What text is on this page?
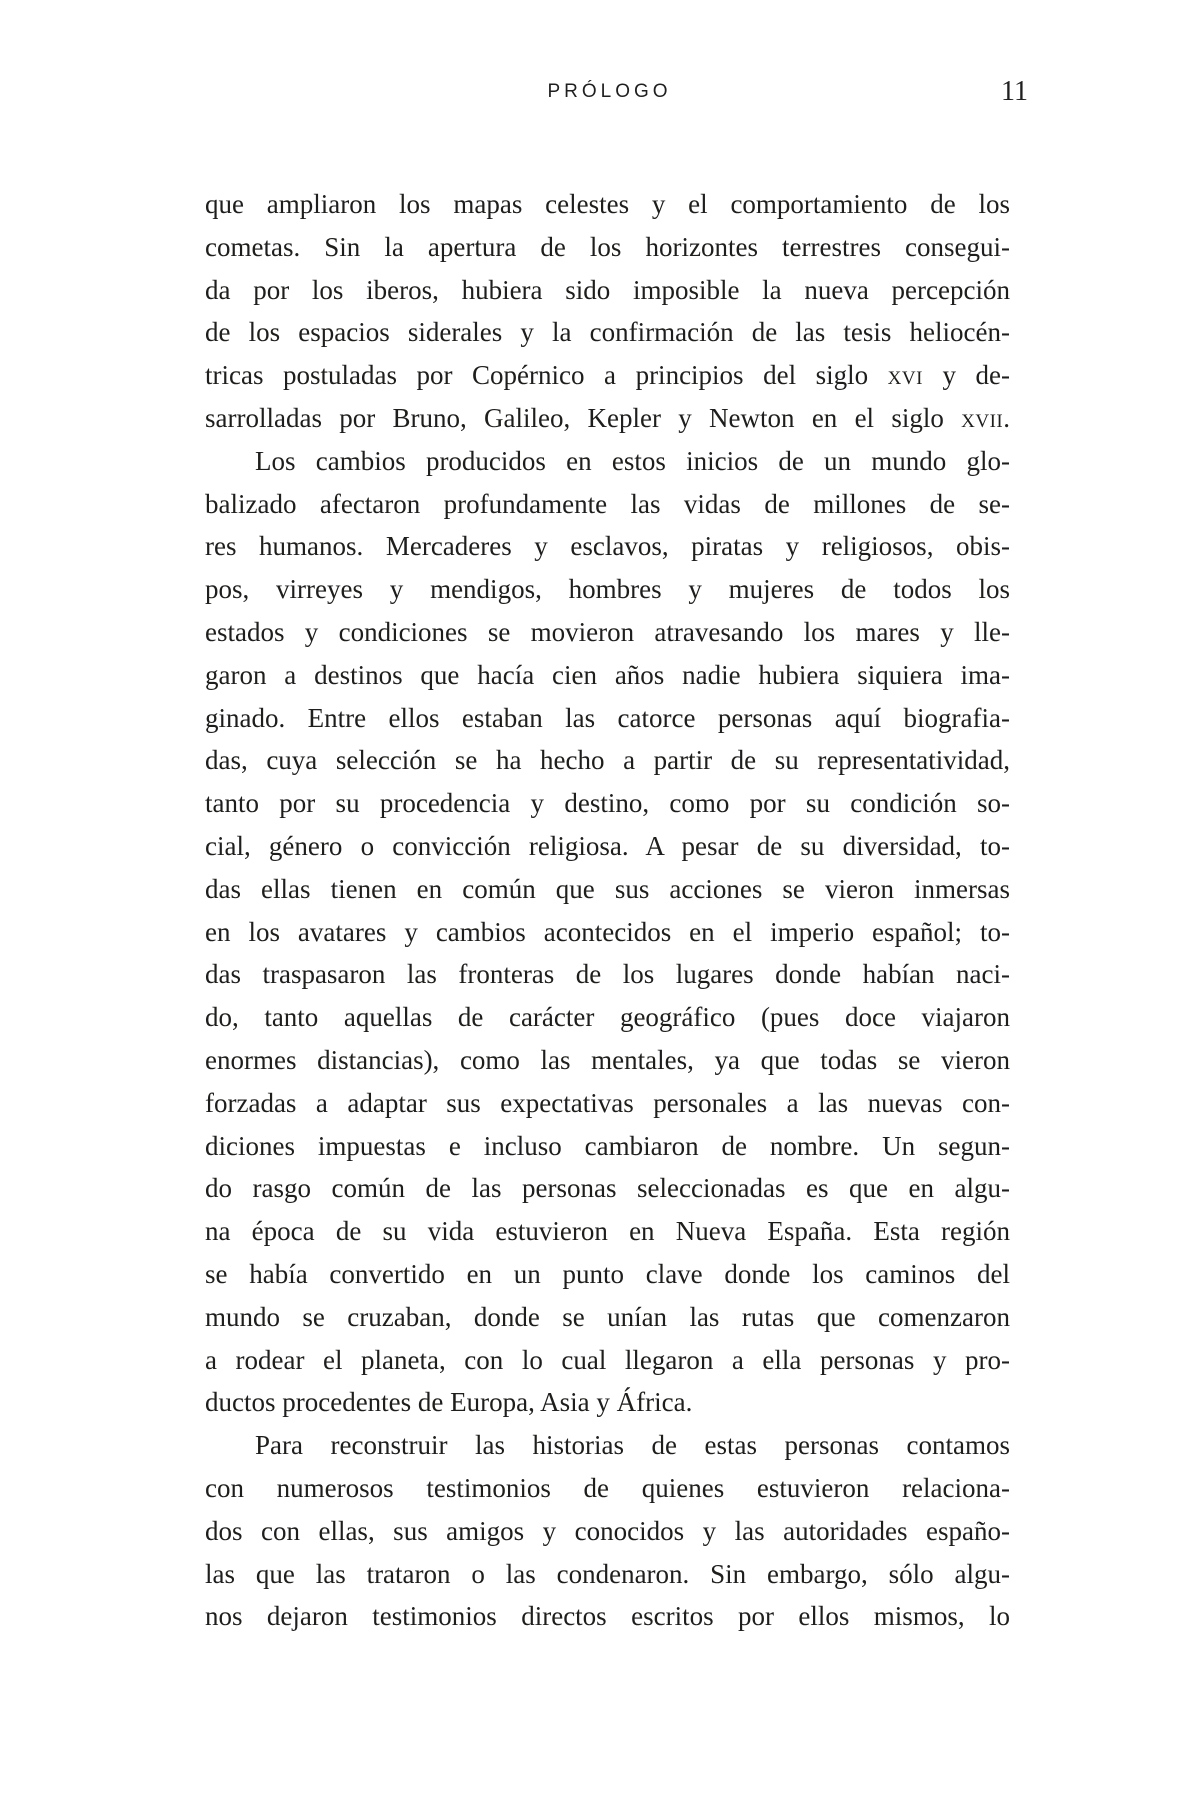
PRÓLOGO	11
que ampliaron los mapas celestes y el comportamiento de los
cometas. Sin la apertura de los horizontes terrestres consegui-
da por los iberos, hubiera sido imposible la nueva percepción
de los espacios siderales y la confirmación de las tesis heliocén-
tricas postuladas por Copérnico a principios del siglo xvi y de-
sarrolladas por Bruno, Galileo, Kepler y Newton en el siglo xvii.
Los cambios producidos en estos inicios de un mundo glo-
balizado afectaron profundamente las vidas de millones de se-
res humanos. Mercaderes y esclavos, piratas y religiosos, obis-
pos, virreyes y mendigos, hombres y mujeres de todos los
estados y condiciones se movieron atravesando los mares y lle-
garon a destinos que hacía cien años nadie hubiera siquiera ima-
ginado. Entre ellos estaban las catorce personas aquí biografia-
das, cuya selección se ha hecho a partir de su representatividad,
tanto por su procedencia y destino, como por su condición so-
cial, género o convicción religiosa. A pesar de su diversidad, to-
das ellas tienen en común que sus acciones se vieron inmersas
en los avatares y cambios acontecidos en el imperio español; to-
das traspasaron las fronteras de los lugares donde habían naci-
do, tanto aquellas de carácter geográfico (pues doce viajaron
enormes distancias), como las mentales, ya que todas se vieron
forzadas a adaptar sus expectativas personales a las nuevas con-
diciones impuestas e incluso cambiaron de nombre. Un segun-
do rasgo común de las personas seleccionadas es que en algu-
na época de su vida estuvieron en Nueva España. Esta región
se había convertido en un punto clave donde los caminos del
mundo se cruzaban, donde se unían las rutas que comenzaron
a rodear el planeta, con lo cual llegaron a ella personas y pro-
ductos procedentes de Europa, Asia y África.
Para reconstruir las historias de estas personas contamos
con numerosos testimonios de quienes estuvieron relaciona-
dos con ellas, sus amigos y conocidos y las autoridades españo-
las que las trataron o las condenaron. Sin embargo, sólo algu-
nos dejaron testimonios directos escritos por ellos mismos, lo
